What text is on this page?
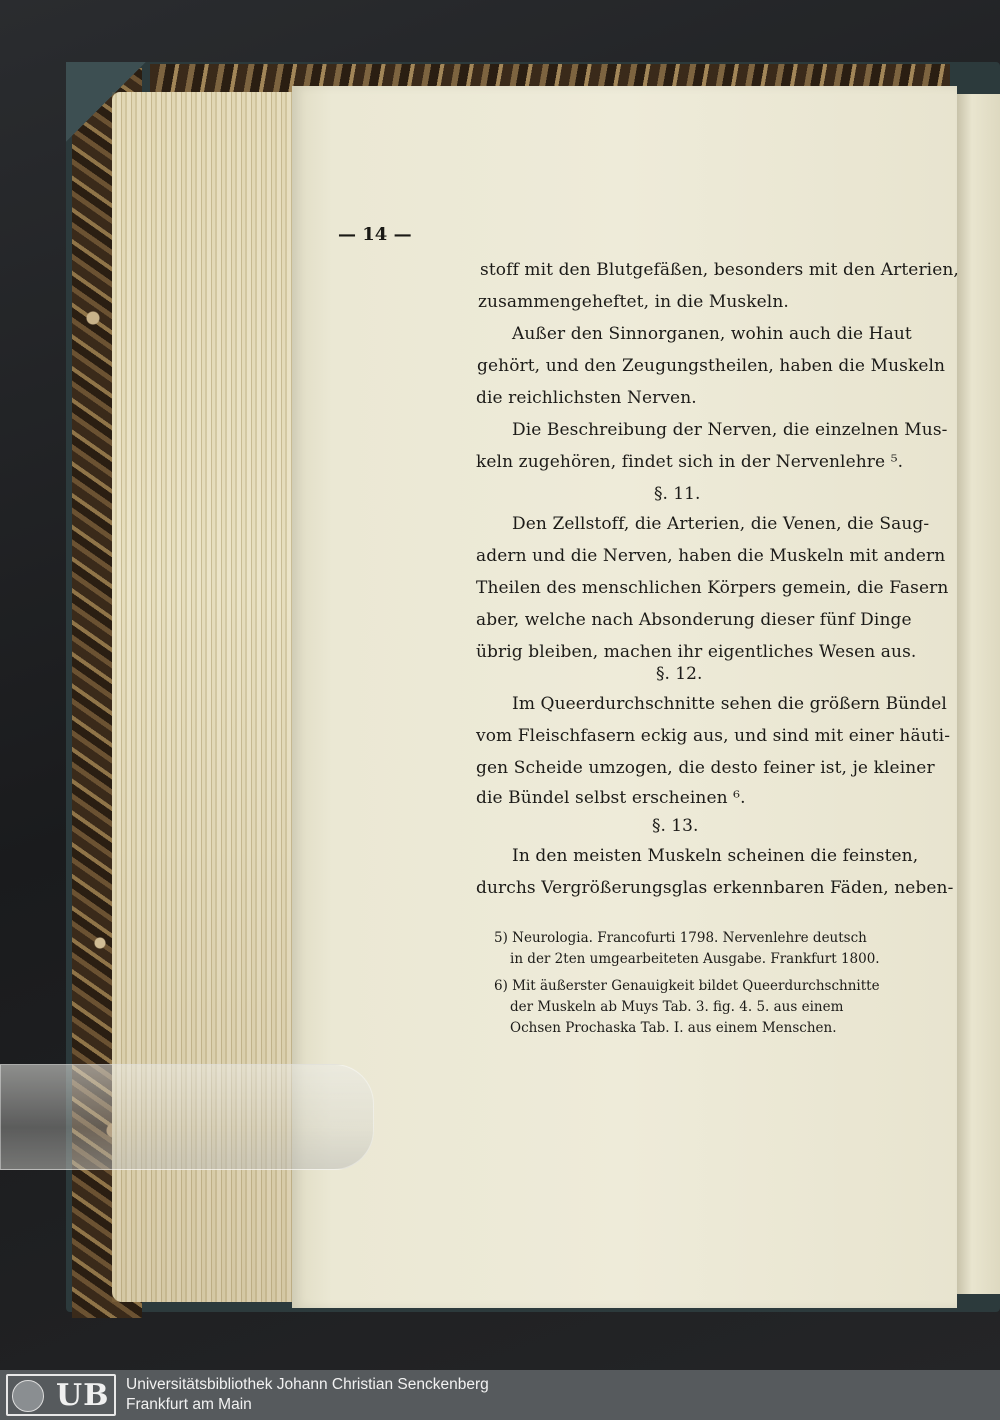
— 14 —
stoff mit den Blutgefäßen, besonders mit den Arterien,
zusammengeheftet, in die Muskeln.
Außer den Sinnorganen, wohin auch die Haut
gehört, und den Zeugungstheilen, haben die Muskeln
die reichlichsten Nerven.
Die Beschreibung der Nerven, die einzelnen Mus-
keln zugehören, findet sich in der Nervenlehre ⁵.
§. 11.
Den Zellstoff, die Arterien, die Venen, die Saug-
adern und die Nerven, haben die Muskeln mit andern
Theilen des menschlichen Körpers gemein, die Fasern
aber, welche nach Absonderung dieser fünf Dinge
übrig bleiben, machen ihr eigentliches Wesen aus.
§. 12.
Im Queerdurchschnitte sehen die größern Bündel
vom Fleischfasern eckig aus, und sind mit einer häuti-
gen Scheide umzogen, die desto feiner ist, je kleiner
die Bündel selbst erscheinen ⁶.
§. 13.
In den meisten Muskeln scheinen die feinsten,
durchs Vergrößerungsglas erkennbaren Fäden, neben-
5) Neurologia. Francofurti 1798. Nervenlehre deutsch
in der 2ten umgearbeiteten Ausgabe. Frankfurt 1800.
6) Mit äußerster Genauigkeit bildet Queerdurchschnitte
der Muskeln ab Muys Tab. 3. fig. 4. 5. aus einem
Ochsen Prochaska Tab. I. aus einem Menschen.
UB Universitätsbibliothek Johann Christian Senckenberg
Frankfurt am Main
